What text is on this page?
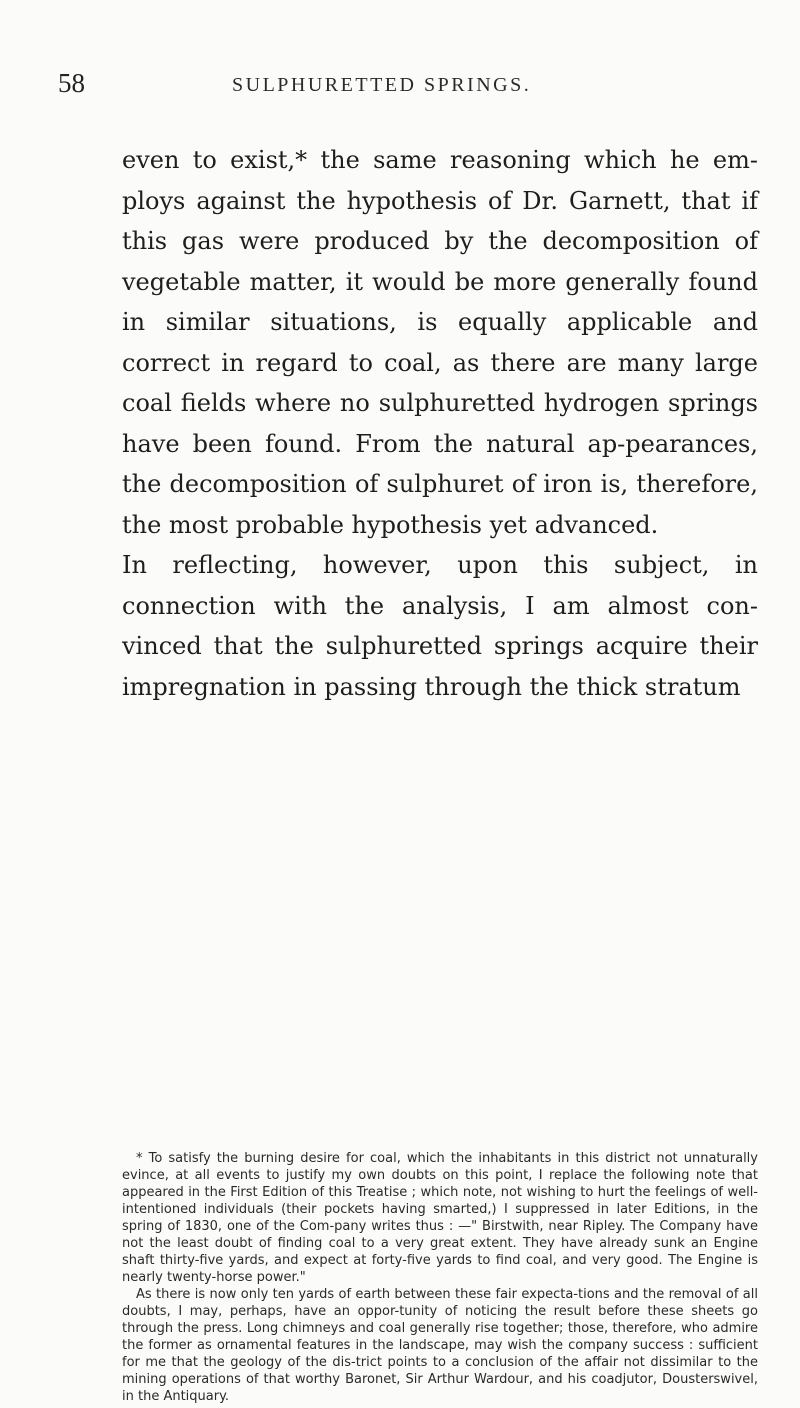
58	SULPHURETTED SPRINGS.

even to exist,* the same reasoning which he em-ploys against the hypothesis of Dr. Garnett, that if this gas were produced by the decomposition of vegetable matter, it would be more generally found in similar situations, is equally applicable and correct in regard to coal, as there are many large coal fields where no sulphuretted hydrogen springs have been found. From the natural ap-pearances, the decomposition of sulphuret of iron is, therefore, the most probable hypothesis yet advanced.

In reflecting, however, upon this subject, in connection with the analysis, I am almost con-vinced that the sulphuretted springs acquire their impregnation in passing through the thick stratum

* To satisfy the burning desire for coal, which the inhabitants in this district not unnaturally evince, at all events to justify my own doubts on this point, I replace the following note that appeared in the First Edition of this Treatise ; which note, not wishing to hurt the feelings of well-intentioned individuals (their pockets having smarted,) I suppressed in later Editions, in the spring of 1830, one of the Com-pany writes thus : —" Birstwith, near Ripley. The Company have not the least doubt of finding coal to a very great extent. They have already sunk an Engine shaft thirty-five yards, and expect at forty-five yards to find coal, and very good. The Engine is nearly twenty-horse power."

As there is now only ten yards of earth between these fair expecta-tions and the removal of all doubts, I may, perhaps, have an oppor-tunity of noticing the result before these sheets go through the press. Long chimneys and coal generally rise together; those, therefore, who admire the former as ornamental features in the landscape, may wish the company success : sufficient for me that the geology of the dis-trict points to a conclusion of the affair not dissimilar to the mining operations of that worthy Baronet, Sir Arthur Wardour, and his coadjutor, Dousterswivel, in the Antiquary.
